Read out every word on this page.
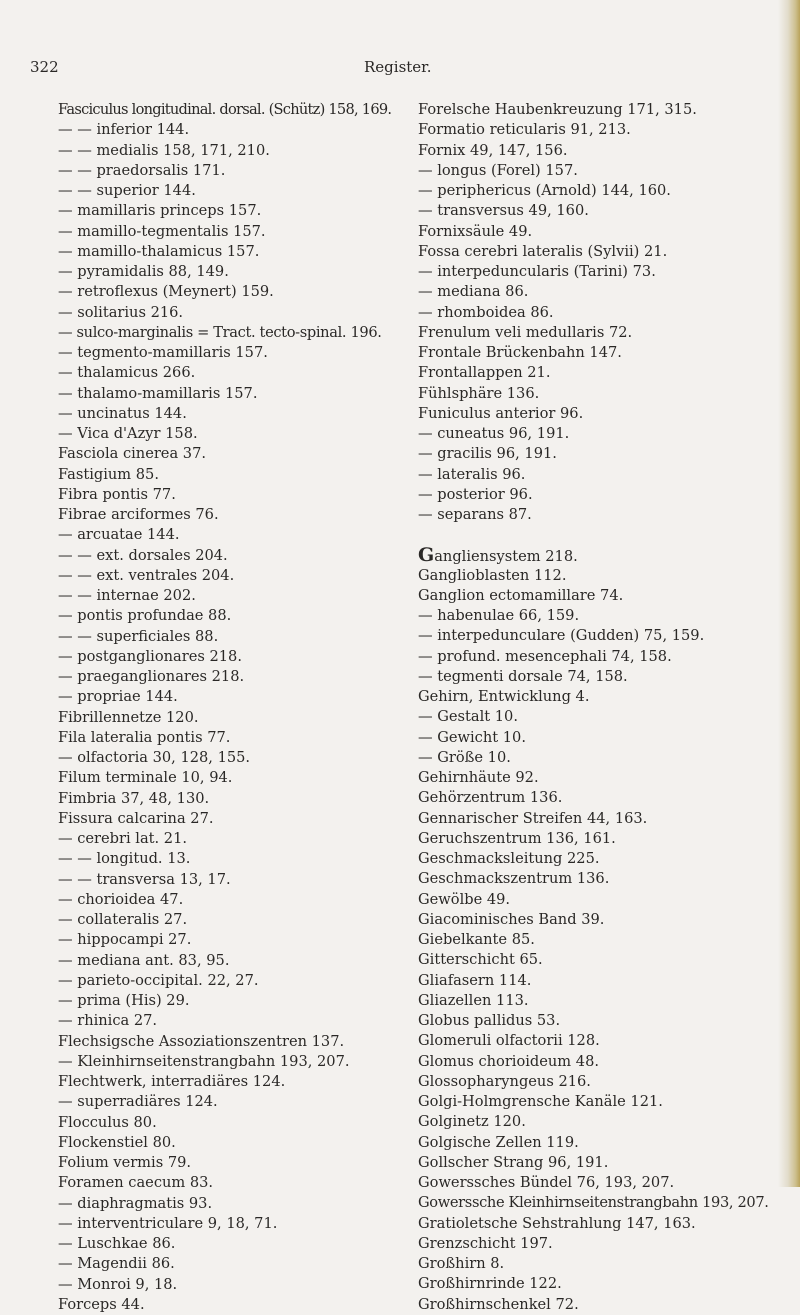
322	Register.
Fasciculus longitudinal. dorsal. (Schütz) 158, 169.
— — inferior 144.
— — medialis 158, 171, 210.
— — praedorsalis 171.
— — superior 144.
— mamillaris princeps 157.
— mamillo-tegmentalis 157.
— mamillo-thalamicus 157.
— pyramidalis 88, 149.
— retroflexus (Meynert) 159.
— solitarius 216.
— sulco-marginalis = Tract. tecto-spinal. 196.
— tegmento-mamillaris 157.
— thalamicus 266.
— thalamo-mamillaris 157.
— uncinatus 144.
— Vica d'Azyr 158.
Fasciola cinerea 37.
Fastigium 85.
Fibra pontis 77.
Fibrae arciformes 76.
— arcuatae 144.
— — ext. dorsales 204.
— — ext. ventrales 204.
— — internae 202.
— pontis profundae 88.
— — superficiales 88.
— postganglionares 218.
— praeganglionares 218.
— propriae 144.
Fibrillennetze 120.
Fila lateralia pontis 77.
— olfactoria 30, 128, 155.
Filum terminale 10, 94.
Fimbria 37, 48, 130.
Fissura calcarina 27.
— cerebri lat. 21.
— — longitud. 13.
— — transversa 13, 17.
— chorioidea 47.
— collateralis 27.
— hippocampi 27.
— mediana ant. 83, 95.
— parieto-occipital. 22, 27.
— prima (His) 29.
— rhinica 27.
Flechsigsche Assoziationszentren 137.
— Kleinhirnseitenstrangbahn 193, 207.
Flechtwerk, interradiäres 124.
— superradiäres 124.
Flocculus 80.
Flockenstiel 80.
Folium vermis 79.
Foramen caecum 83.
— diaphragmatis 93.
— interventriculare 9, 18, 71.
— Luschkae 86.
— Magendii 86.
— Monroi 9, 18.
Forceps 44.
Forelsche Haubenkreuzung 171, 315.
Formatio reticularis 91, 213.
Fornix 49, 147, 156.
— longus (Forel) 157.
— periphericus (Arnold) 144, 160.
— transversus 49, 160.
Fornixsäule 49.
Fossa cerebri lateralis (Sylvii) 21.
— interpeduncularis (Tarini) 73.
— mediana 86.
— rhomboidea 86.
Frenulum veli medullaris 72.
Frontale Brückenbahn 147.
Frontallappen 21.
Fühlsphäre 136.
Funiculus anterior 96.
— cuneatus 96, 191.
— gracilis 96, 191.
— lateralis 96.
— posterior 96.
— separans 87.
Gangliensystem 218.
Ganglioblasten 112.
Ganglion ectomamillare 74.
— habenulae 66, 159.
— interpedunculare (Gudden) 75, 159.
— profund. mesencephali 74, 158.
— tegmenti dorsale 74, 158.
Gehirn, Entwicklung 4.
— Gestalt 10.
— Gewicht 10.
— Größe 10.
Gehirnhäute 92.
Gehörzentrum 136.
Gennarischer Streifen 44, 163.
Geruchszentrum 136, 161.
Geschmacksleitung 225.
Geschmackszentrum 136.
Gewölbe 49.
Giacominisches Band 39.
Giebelkante 85.
Gitterschicht 65.
Gliafasern 114.
Gliazellen 113.
Globus pallidus 53.
Glomeruli olfactorii 128.
Glomus chorioideum 48.
Glossopharyngeus 216.
Golgi-Holmgrensche Kanäle 121.
Golginetz 120.
Golgische Zellen 119.
Gollscher Strang 96, 191.
Gowerssches Bündel 76, 193, 207.
Gowerssche Kleinhirnseitenstrangbahn 193, 207.
Gratioletsche Sehstrahlung 147, 163.
Grenzschicht 197.
Großhirn 8.
Großhirnrinde 122.
Großhirnschenkel 72.
